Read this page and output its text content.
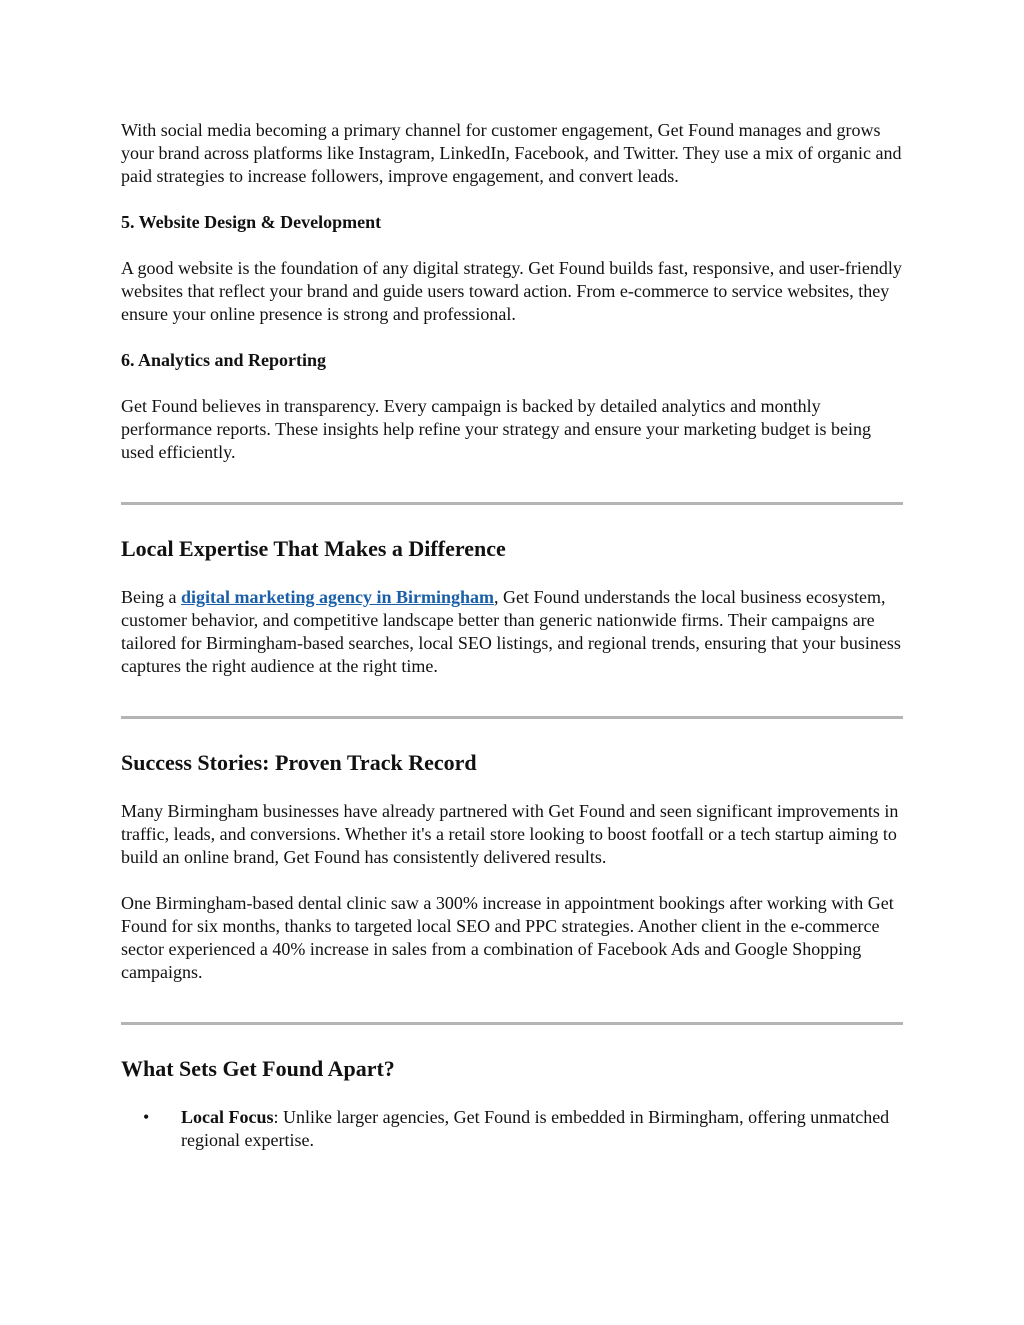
With social media becoming a primary channel for customer engagement, Get Found manages and grows your brand across platforms like Instagram, LinkedIn, Facebook, and Twitter. They use a mix of organic and paid strategies to increase followers, improve engagement, and convert leads.

5. Website Design & Development

A good website is the foundation of any digital strategy. Get Found builds fast, responsive, and user-friendly websites that reflect your brand and guide users toward action. From e-commerce to service websites, they ensure your online presence is strong and professional.

6. Analytics and Reporting

Get Found believes in transparency. Every campaign is backed by detailed analytics and monthly performance reports. These insights help refine your strategy and ensure your marketing budget is being used efficiently.

Local Expertise That Makes a Difference

Being a digital marketing agency in Birmingham, Get Found understands the local business ecosystem, customer behavior, and competitive landscape better than generic nationwide firms. Their campaigns are tailored for Birmingham-based searches, local SEO listings, and regional trends, ensuring that your business captures the right audience at the right time.

Success Stories: Proven Track Record

Many Birmingham businesses have already partnered with Get Found and seen significant improvements in traffic, leads, and conversions. Whether it's a retail store looking to boost footfall or a tech startup aiming to build an online brand, Get Found has consistently delivered results.

One Birmingham-based dental clinic saw a 300% increase in appointment bookings after working with Get Found for six months, thanks to targeted local SEO and PPC strategies. Another client in the e-commerce sector experienced a 40% increase in sales from a combination of Facebook Ads and Google Shopping campaigns.

What Sets Get Found Apart?
• Local Focus: Unlike larger agencies, Get Found is embedded in Birmingham, offering unmatched regional expertise.
